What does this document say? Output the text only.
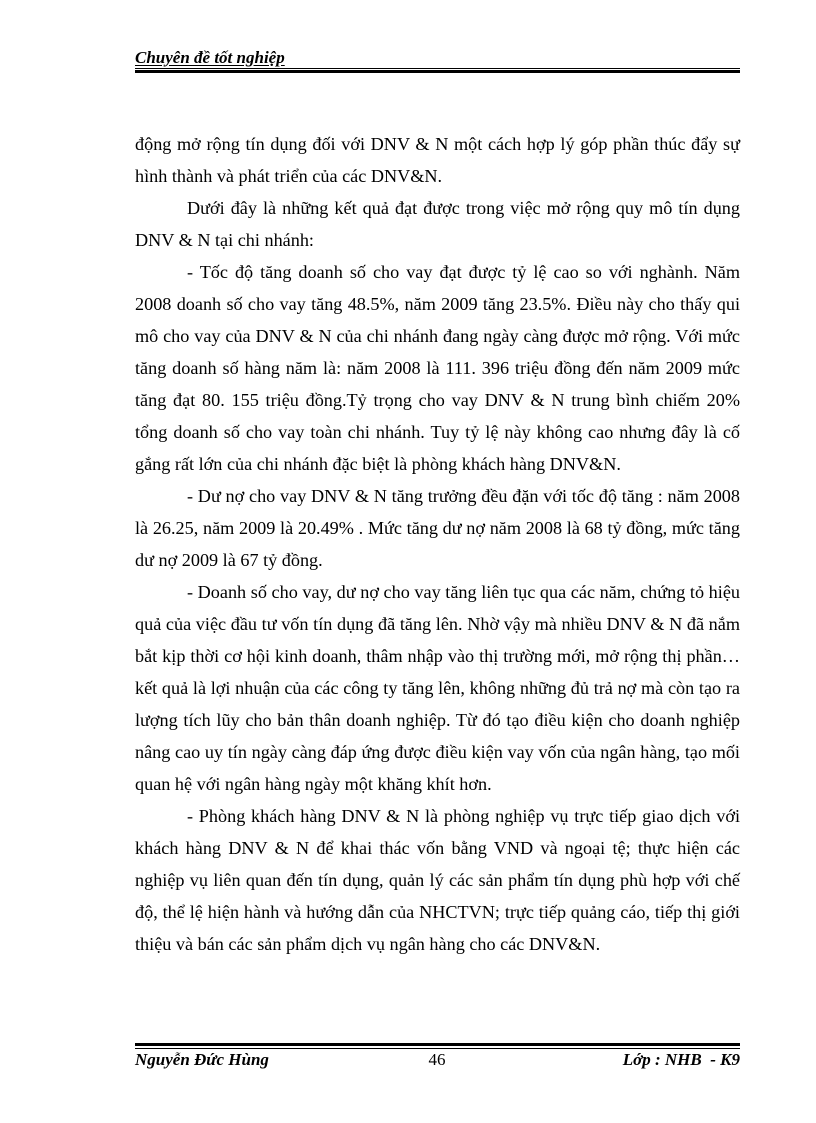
Chuyên đề tốt nghiệp

động mở rộng tín dụng đối với DNV & N một cách hợp lý góp phần thúc đẩy sự hình thành và phát triển của các DNV&N.

Dưới đây là những kết quả đạt được trong việc mở rộng quy mô tín dụng DNV & N tại chi nhánh:

- Tốc độ tăng doanh số cho vay đạt được tỷ lệ cao so với nghành. Năm 2008 doanh số cho vay tăng 48.5%, năm 2009 tăng 23.5%. Điều này cho thấy qui mô cho vay của DNV & N của chi nhánh đang ngày càng được mở rộng. Với mức tăng doanh số hàng năm là: năm 2008 là 111. 396 triệu đồng đến năm 2009 mức tăng đạt 80. 155 triệu đồng.Tỷ trọng cho vay DNV & N trung bình chiếm 20% tổng doanh số cho vay toàn chi nhánh. Tuy tỷ lệ này không cao nhưng đây là cố gắng rất lớn của chi nhánh đặc biệt là phòng khách hàng DNV&N.

- Dư nợ cho vay DNV & N tăng trưởng đều đặn với tốc độ tăng : năm 2008 là 26.25, năm 2009 là 20.49% . Mức tăng dư nợ năm 2008 là 68 tỷ đồng, mức tăng dư nợ 2009 là 67 tỷ đồng.

- Doanh số cho vay, dư nợ cho vay tăng liên tục qua các năm, chứng tỏ hiệu quả của việc đầu tư vốn tín dụng đã tăng lên. Nhờ vậy mà nhiều DNV & N đã nắm bắt kịp thời cơ hội kinh doanh, thâm nhập vào thị trường mới, mở rộng thị phần…kết quả là lợi nhuận của các công ty tăng lên, không những đủ trả nợ mà còn tạo ra lượng tích lũy cho bản thân doanh nghiệp. Từ đó tạo điều kiện cho doanh nghiệp nâng cao uy tín ngày càng đáp ứng được điều kiện vay vốn của ngân hàng, tạo mối quan hệ với ngân hàng ngày một khăng khít hơn.

- Phòng khách hàng DNV & N là phòng nghiệp vụ trực tiếp giao dịch với khách hàng DNV & N để khai thác vốn bằng VND và ngoại tệ; thực hiện các nghiệp vụ liên quan đến tín dụng, quản lý các sản phẩm tín dụng phù hợp với chế độ, thể lệ hiện hành và hướng dẫn của NHCTVN; trực tiếp quảng cáo, tiếp thị giới thiệu và bán các sản phẩm dịch vụ ngân hàng cho các DNV&N.

Nguyễn Đức Hùng	46	Lớp : NHB  - K9
